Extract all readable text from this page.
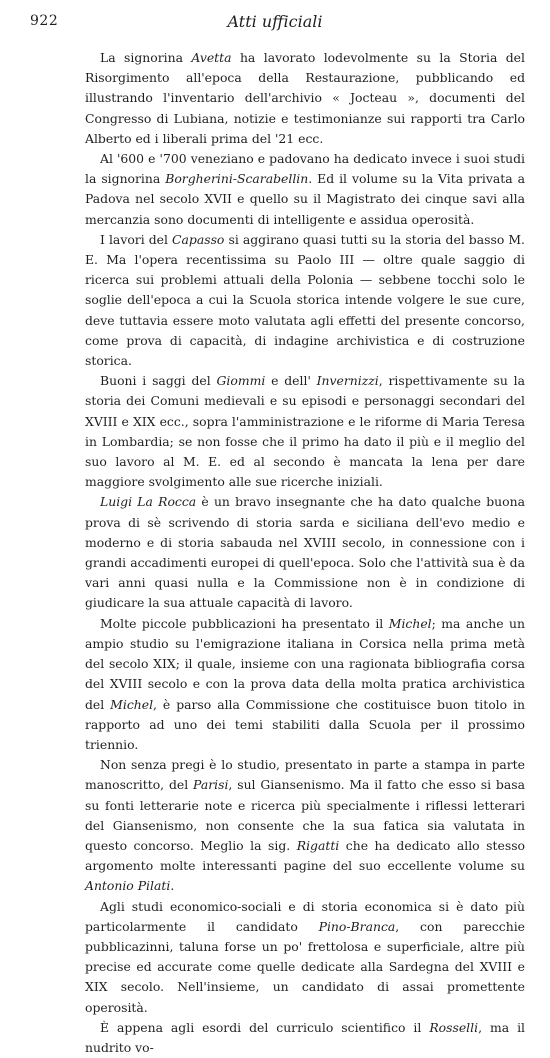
922	Atti ufficiali

La signorina Avetta ha lavorato lodevolmente su la Storia del Risorgimento all'epoca della Restaurazione, pubblicando ed illustrando l'inventario dell'archivio « Jocteau », documenti del Congresso di Lubiana, notizie e testimonianze sui rapporti tra Carlo Alberto ed i liberali prima del '21 ecc.

Al '600 e '700 veneziano e padovano ha dedicato invece i suoi studi la signorina Borgherini-Scarabellin. Ed il volume su la Vita privata a Padova nel secolo XVII e quello su il Magistrato dei cinque savi alla mercanzia sono documenti di intelligente e assidua operosità.

I lavori del Capasso si aggirano quasi tutti su la storia del basso M. E. Ma l'opera recentissima su Paolo III — oltre quale saggio di ricerca sui problemi attuali della Polonia — sebbene tocchi solo le soglie dell'epoca a cui la Scuola storica intende volgere le sue cure, deve tuttavia essere moto valutata agli effetti del presente concorso, come prova di capacità, di indagine archivistica e di costruzione storica.

Buoni i saggi del Giommi e dell' Invernizzi, rispettivamente su la storia dei Comuni medievali e su episodi e personaggi secondari del XVIII e XIX ecc., sopra l'amministrazione e le riforme di Maria Teresa in Lombardia; se non fosse che il primo ha dato il più e il meglio del suo lavoro al M. E. ed al secondo è mancata la lena per dare maggiore svolgimento alle sue ricerche iniziali.

Luigi La Rocca è un bravo insegnante che ha dato qualche buona prova di sè scrivendo di storia sarda e siciliana dell'evo medio e moderno e di storia sabauda nel XVIII secolo, in connessione con i grandi accadimenti europei di quell'epoca. Solo che l'attività sua è da vari anni quasi nulla e la Commissione non è in condizione di giudicare la sua attuale capacità di lavoro.

Molte piccole pubblicazioni ha presentato il Michel; ma anche un ampio studio su l'emigrazione italiana in Corsica nella prima metà del secolo XIX; il quale, insieme con una ragionata bibliografia corsa del XVIII secolo e con la prova data della molta pratica archivistica del Michel, è parso alla Commissione che costituisce buon titolo in rapporto ad uno dei temi stabiliti dalla Scuola per il prossimo triennio.

Non senza pregi è lo studio, presentato in parte a stampa in parte manoscritto, del Parisi, sul Giansenismo. Ma il fatto che esso si basa su fonti letterarie note e ricerca più specialmente i riflessi letterari del Giansenismo, non consente che la sua fatica sia valutata in questo concorso. Meglio la sig. Rigatti che ha dedicato allo stesso argomento molte interessanti pagine del suo eccellente volume su Antonio Pilati.

Agli studi economico-sociali e di storia economica si è dato più particolarmente il candidato Pino-Branca, con parecchie pubblicazinni, taluna forse un po' frettolosa e superficiale, altre più precise ed accurate come quelle dedicate alla Sardegna del XVIII e XIX secolo. Nell'insieme, un candidato di assai promettente operosità.

È appena agli esordi del curriculo scientifico il Rosselli, ma il nudrito vo-
